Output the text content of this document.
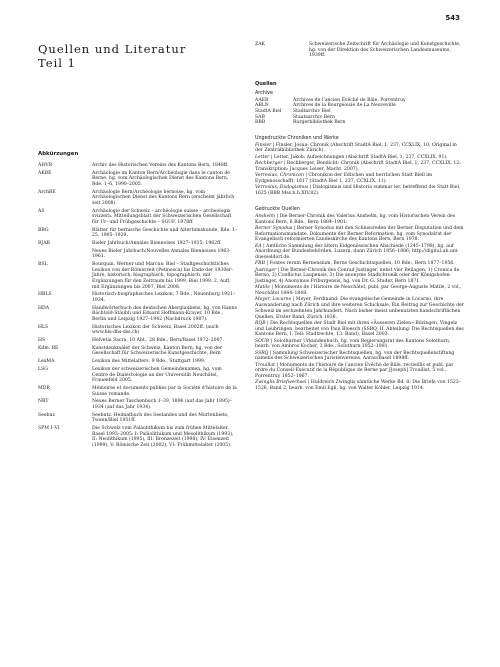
543
Quellen und Literatur
Teil 1
Abkürzungen
AHVB	Archiv des Historischen Vereins des Kantons Bern, 1848ff.
AKBE	Archäologie im Kanton Bern/Archéologie dans le canton de Berne, hg. vom Archäologischen Dienst des Kantons Bern, Bde. 1–6, 1990–2005.
ArchBE	Archäologie Bern/Archéologie bernoise, hg. vom Archäologischen Dienst des Kantons Bern (erscheint jährlich seit 2008).
AS	Archäologie der Schweiz – archéologie suisse – archeologia svizzera. Mitteilungsblatt der Schweizerischen Gesellschaft für Ur- und Frühgeschichte – SGUF, 1978ff.
BBG	Blätter für bernische Geschichte und Altertumskunde, Bde. 1–25, 1905–1929.
BJAB	Bieler Jahrbuch/Annales Biennoises 1927–1935; 1962ff.
Neues Bieler Jahrbuch/Nouvelles Annales Biennoises 1963–1961.
BSL	Bourquin, Werner und Marcus: Biel – Stadtgeschichtliches Lexikon von der Römerzeit (Petinesca) bis Ende der 1930er-Jahre, historisch, biographisch, topographisch, mit Ergänzungen für den Zeitraum bis 1999, Biel 1999. 2. Aufl. mit Ergänzungen bis 2007, Biel 2008.
HBLS	Historisch-biographisches Lexikon, 7 Bde., Neuenburg 1921–1934.
HDA	Handwörterbuch des deutschen Aberglaubens, hg. von Hanns Bächtold-Stäubli und Eduard Hoffmann-Krayer, 10 Bde., Berlin und Leipzig 1927–1942 (Nachdruck 1987).
HLS	Historisches Lexikon der Schweiz, Basel 2002ff. (auch www.hls-dhs-dss.ch)
HS	Helvetia Sacra, 10 Abt., 28 Bde., Bern/Basel 1972–2007.
Kdm. BE	Kunstdenkmäler der Schweiz, Kanton Bern, hg. von der Gesellschaft für Schweizerische Kunstgeschichte, Bern
LexMA	Lexikon des Mittelalters, 9 Bde., Stuttgart 1999.
LSG	Lexikon der schweizerischen Gemeindenamen, hg. vom Centre de Dialectologie an der Universität Neuchâtel, Frauenfeld 2005.
MDR	Mémoires et documents publiés par la Société d’histoire de la Suisse romande.
NBT	Neues Berner Taschenbuch 1–39, 1896 (auf das Jahr 1895)–1934 (auf das Jahr 1934).
Seebuz	Seebutz. Heimatbuch des Seelandes und des Murtenbiets, Twann/Biel 1951ff.
SPM I–VI	Die Schweiz vom Paläolithikum bis zum frühen Mittelalter, Basel 1993–2005: I: Paläolithikum und Mesolithikum (1993), II: Neolithikum (1995), III: Bronzezeit (1998), IV: Eisenzeit (1999), V: Römische Zeit (2002), VI: Frühmittelalter (2005).
ZAK	Schweizerische Zeitschrift für Archäologie und Kunstgeschichte, hg. von der Direktion des Schweizerischen Landesmuseums, 1939ff.
Quellen
Archive
AAEB	Archives de l’ancien Évêché de Bâle, Porrentruy
ABLN	Archives de la Bourgeoisie de La Neuveville
StadtA Biel	Stadtarchiv Biel
SAB	Staatsarchiv Bern
BBB	Burgerbibliothek Bern
Ungedruckte Chroniken und Werke
Finsler | Finsler, Josua: Chronik (Abschrift StadtA Biel, 1, 237, CCXLIX, 10; Original in der Zentralbibliothek Zürich).
Letter | Letter, Jakob: Aufzeichnungen (Abschrift StadtA Biel, 1, 237, CCXLIX, 91).
Rechberger | Rechberger, Bendicht: Chronik (Abschrift StadtA Biel, 1, 237, CCXLIX, 12; Transkription: Jacques Leiser, Macht. 2007).
Verresius, Chronicon | Chronikon der Edlichen und herrlichen Statt Biell im Eydgenosschafft, 1617 (StadtA Biel 1, 237, CCXLIX, 11).
Verresius, Dialogismus | Dialogismus und Historia summar ier, betreffend die Statt Biel, 1625 (BBB Mss.h.h.XIV.82).
Gedruckte Quellen
Anshelm | Die Berner-Chronik des Valerius Anshelm, hg. vom Historischen Verein des Kantons Bern, 6 Bde., Bern 1884–1901.
Berner Synodus | Berner Synodus mit den Schlussreden der Berner Disputation und dem Reformationsmandate. Dokumente der Berner Reformation, hg. vom Synodalrat der Evangelisch-reformierten Landeskirche des Kantons Bern, Bern 1978.
EA | Amtliche Sammlung der ältern Eidgenössischen Abschiede (1245–1798), hg. auf Anordnung der Bundesbehörden, Luzern, dann Zürich 1856–1886; http://digital.ub.uni-duesseldorf.de.
FRB | Fontes rerum Bernensium, Berns Geschichtsquellen, 10 Bde., Bern 1877–1956.
Justinger | Die Berner-Chronik des Conrad Justinger, nebst vier Beilagen: 1) Cronica de Berno, 2) Conflictus Laupensis, 3) Die anonyme Stadtchronik oder der Königshofen-Justinger, 4) Anonymus Friburgensis, hg. von Dr. G. Studer, Bern 1871.
Matile | Monuments de l’Histoire de Neuchâtel, publ. par George-Auguste Matile, 2 vol., Neuchâtel 1844–1848.
Meyer, Locarno | Meyer, Ferdinand: Die evangelische Gemeinde in Locarno, ihre Auswanderung nach Zürich und ihre weiteren Schicksale. Ein Beitrag zur Geschichte der Schweiz im sechzehnten Jahrhundert. Nach bisher meist unbenutzten handschriftlichen Quellen, Erster Band, Zürich 1836.
RQB | Die Rechtsquellen der Stadt Biel mit ihren «Äusseren Zielen» Bözingen, Vingelz und Leubringen, bearbeitet von Paul Bloesch (SSRQ, II. Abteilung: Die Rechtsquellen des Kantons Bern, I. Teil: Stadtrechte, 13. Band), Basel 2003.
SOUB | Solothurner Urkundenbuch, hg. vom Regierungsrat des Kantons Solothurn, bearb. von Ambros Kocher, 3 Bde., Solothurn 1952–1981.
SSRQ | Sammlung Schweizerischer Rechtsquellen, hg. von der Rechtsquellenstiftung namens des Schweizerischen Juristenvereins, Aarau/Basel 1898ff.
Trouillat | Monuments de l’histoire de l’ancien Évêché de Bâle, recueillis et publ. par ordre du Conseil-Exécutif de la République de Berne par J[oseph] Trouillat, 5 vol., Porrentruy 1852–1867.
Zwinglis Briefwechsel | Huldreich Zwinglis sämtliche Werke Bd. 8: Die Briefe von 1523–1526, Band 2, bearb. von Emil Egli, hg. von Walter Köhler, Leipzig 1914.
